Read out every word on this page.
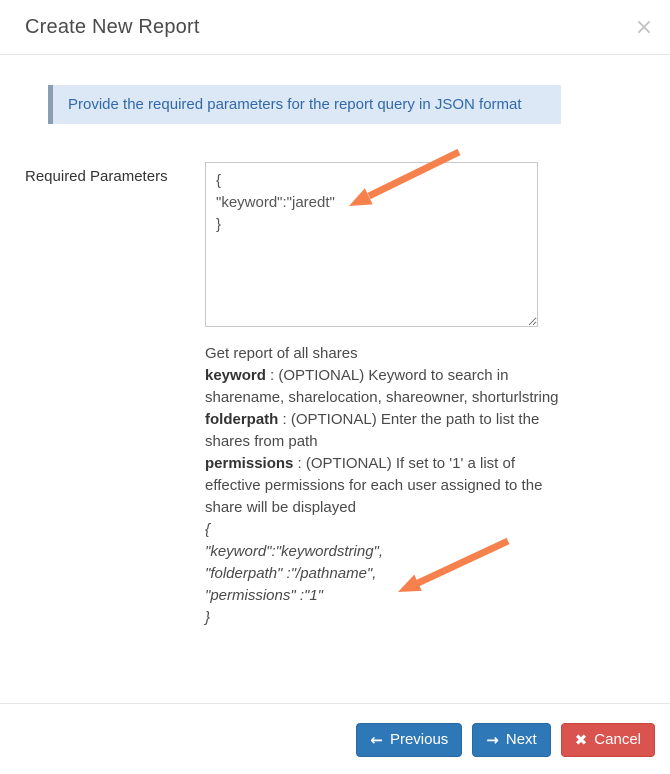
Create New Report	×
Provide the required parameters for the report query in JSON format
Required Parameters
{ "keyword":"jaredt" }
Get report of all shares
keyword : (OPTIONAL) Keyword to search in sharename, sharelocation, shareowner, shorturlstring
folderpath : (OPTIONAL) Enter the path to list the shares from path
permissions : (OPTIONAL) If set to '1' a list of effective permissions for each user assigned to the share will be displayed
{
"keyword":"keywordstring",
"folderpath" :"/pathname",
"permissions" :"1"
}
← Previous	→ Next	✖ Cancel
